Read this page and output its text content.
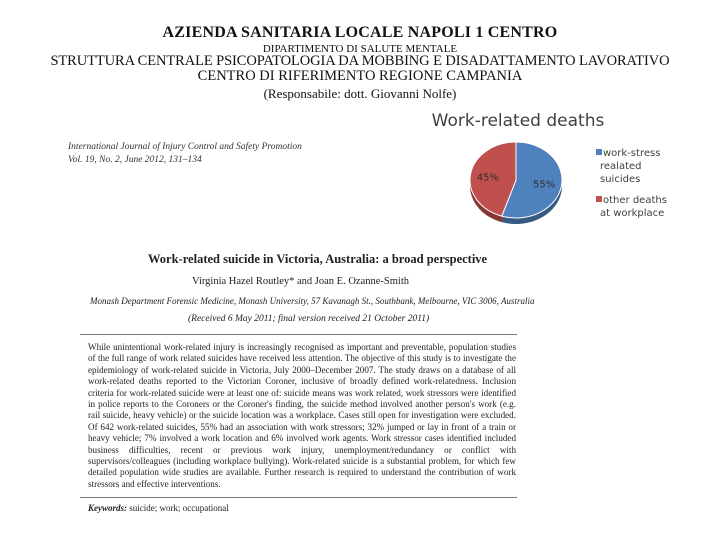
AZIENDA SANITARIA LOCALE NAPOLI 1 CENTRO
DIPARTIMENTO DI SALUTE MENTALE
STRUTTURA CENTRALE PSICOPATOLOGIA DA MOBBING E DISADATTAMENTO LAVORATIVO
CENTRO DI RIFERIMENTO REGIONE CAMPANIA
(Responsabile: dott. Giovanni Nolfe)
International Journal of Injury Control and Safety Promotion
Vol. 19, No. 2, June 2012, 131–134
Work-related suicide in Victoria, Australia: a broad perspective
Virginia Hazel Routley* and Joan E. Ozanne-Smith
Monash Department Forensic Medicine, Monash University, 57 Kavanagh St., Southbank, Melbourne, VIC 3006, Australia
(Received 6 May 2011; final version received 21 October 2011)
While unintentional work-related injury is increasingly recognised as important and preventable, population studies of the full range of work related suicides have received less attention. The objective of this study is to investigate the epidemiology of work-related suicide in Victoria, July 2000–December 2007. The study draws on a database of all work-related deaths reported to the Victorian Coroner, inclusive of broadly defined work-relatedness. Inclusion criteria for work-related suicide were at least one of: suicide means was work related, work stressors were identified in police reports to the Coroners or the Coroner's finding, the suicide method involved another person's work (e.g. rail suicide, heavy vehicle) or the suicide location was a workplace. Cases still open for investigation were excluded. Of 642 work-related suicides, 55% had an association with work stressors; 32% jumped or lay in front of a train or heavy vehicle; 7% involved a work location and 6% involved work agents. Work stressor cases identified included business difficulties, recent or previous work injury, unemployment/redundancy or conflict with supervisors/colleagues (including workplace bullying). Work-related suicide is a substantial problem, for which few detailed population wide studies are available. Further research is required to understand the contribution of work stressors and effective interventions.
Keywords: suicide; work; occupational
Work-related deaths
55%
45%
work-stress
realated
suicides
other deaths
at workplace
